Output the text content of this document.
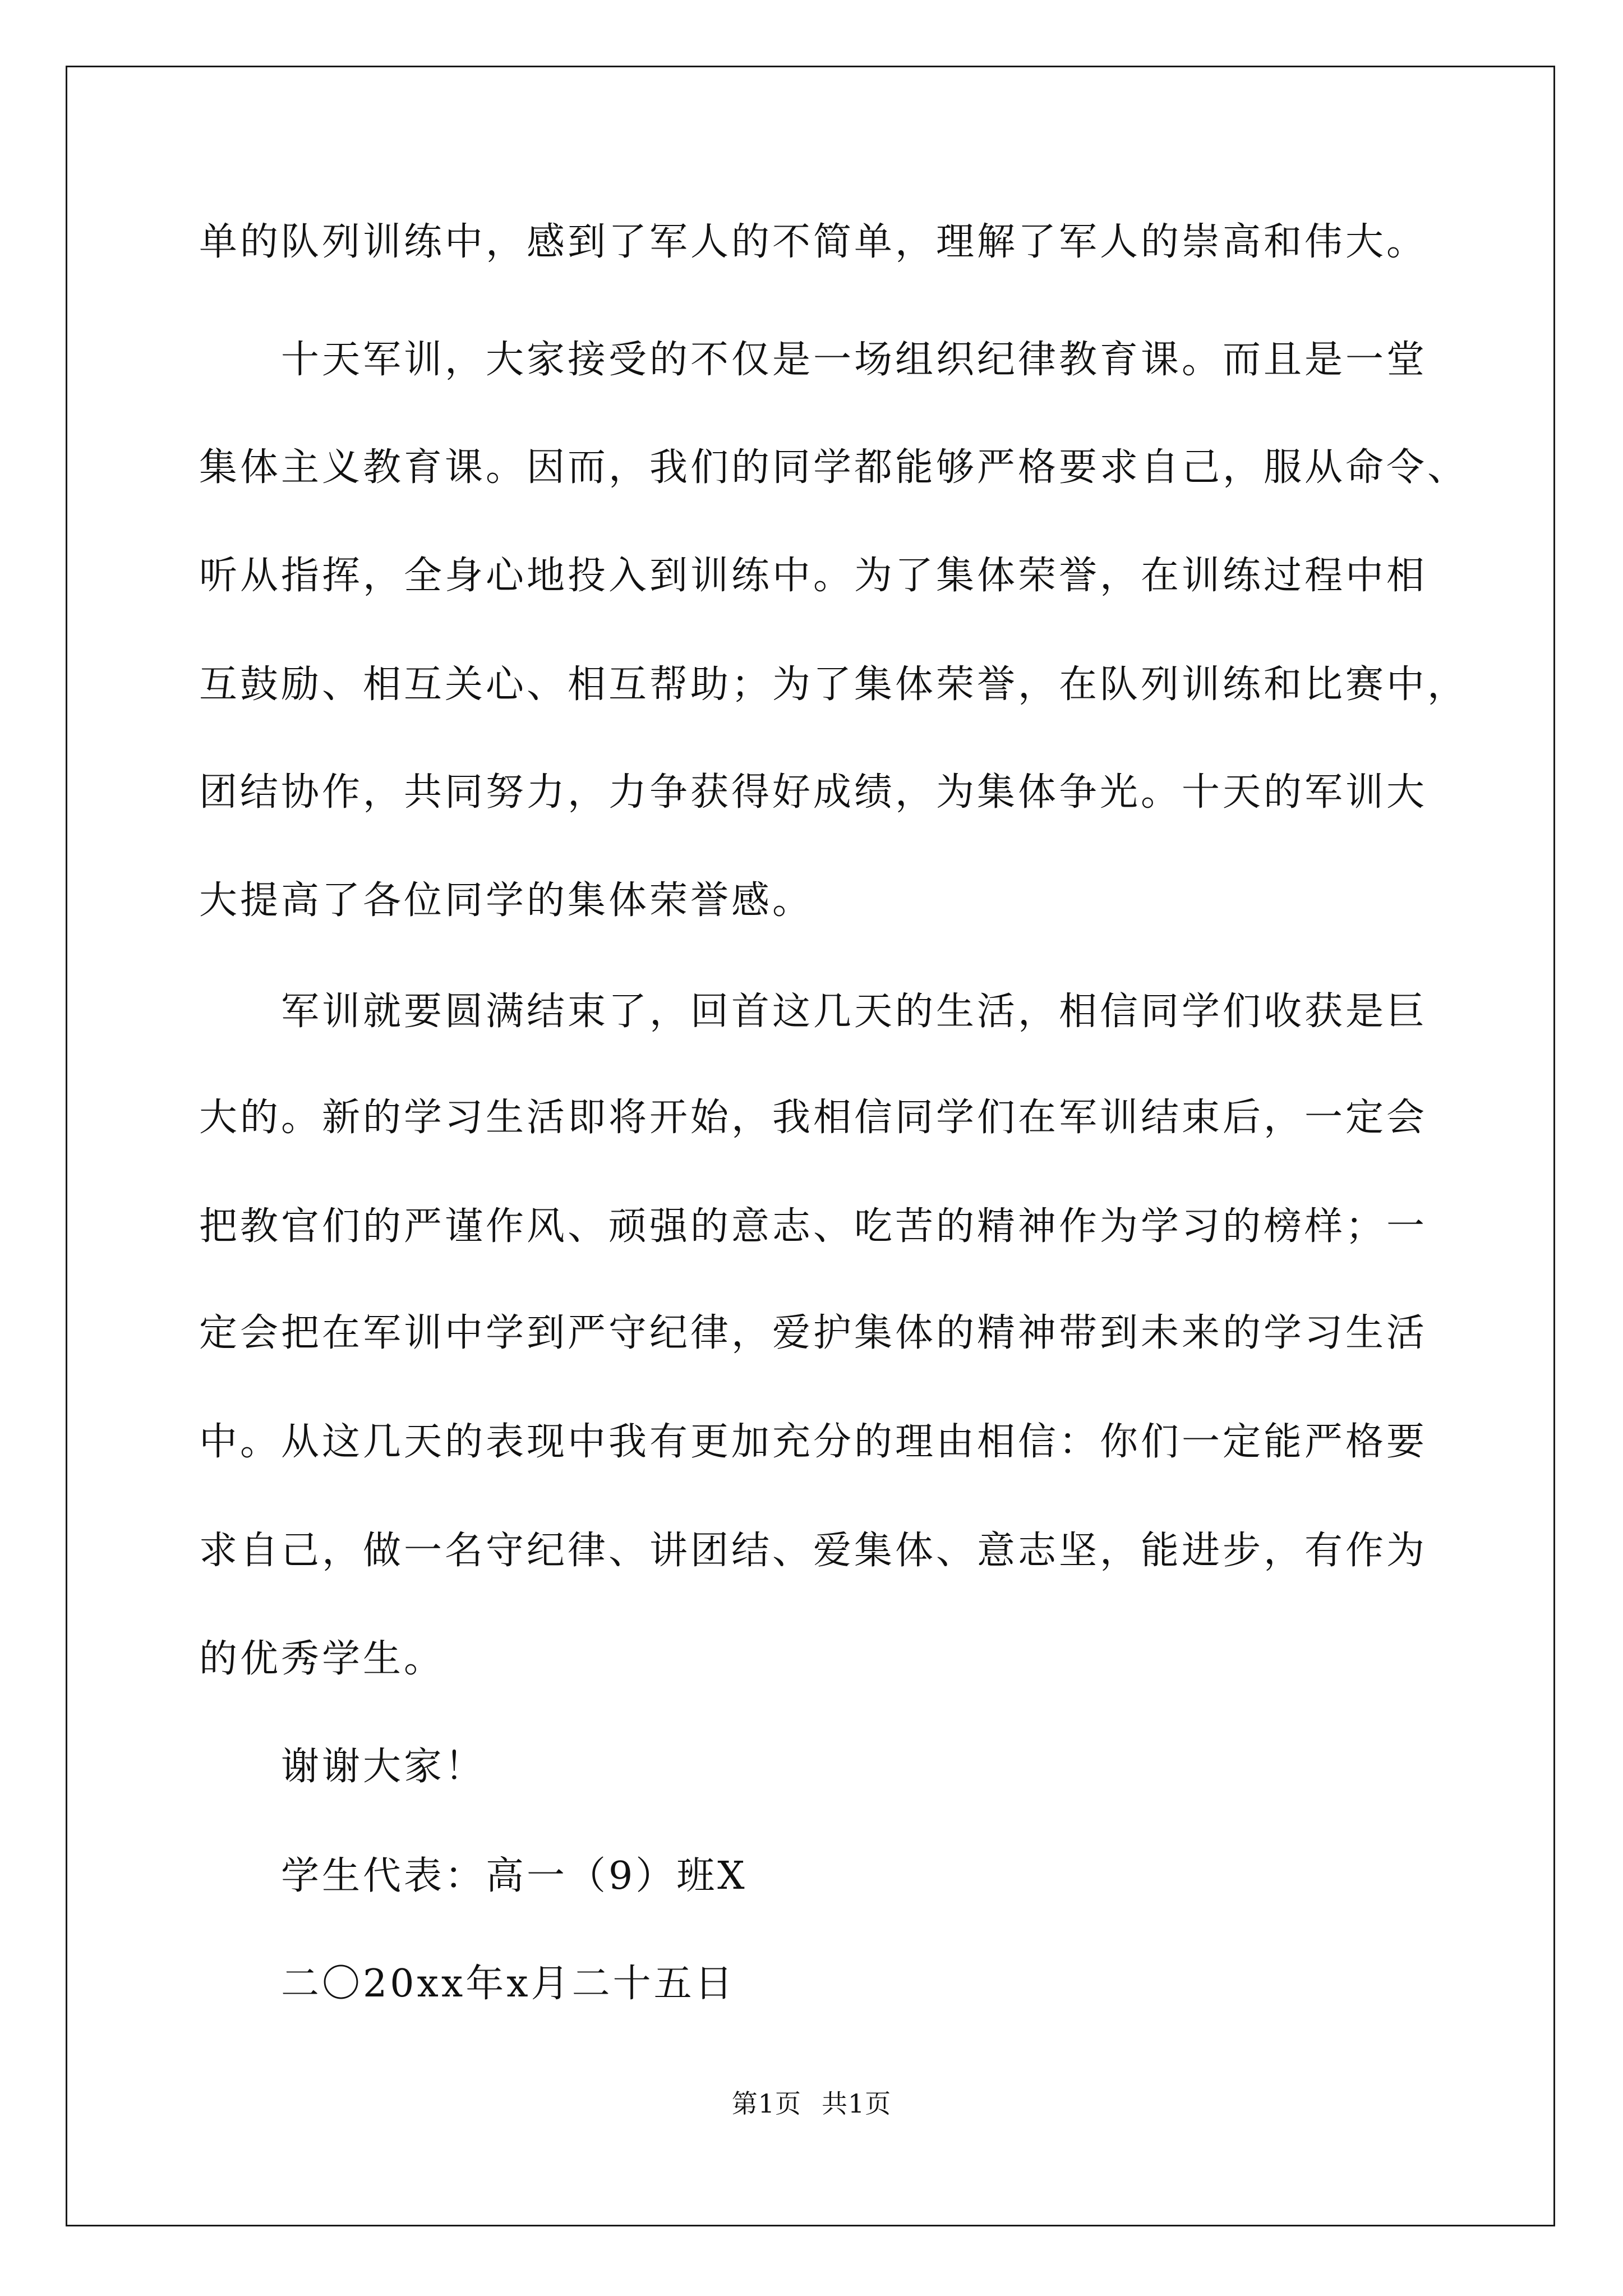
单的队列训练中，感到了军人的不简单，理解了军人的崇高和伟大。
十天军训，大家接受的不仅是一场组织纪律教育课。而且是一堂
集体主义教育课。因而，我们的同学都能够严格要求自己，服从命令、
听从指挥，全身心地投入到训练中。为了集体荣誉，在训练过程中相
互鼓励、相互关心、相互帮助；为了集体荣誉，在队列训练和比赛中，
团结协作，共同努力，力争获得好成绩，为集体争光。十天的军训大
大提高了各位同学的集体荣誉感。
军训就要圆满结束了，回首这几天的生活，相信同学们收获是巨
大的。新的学习生活即将开始，我相信同学们在军训结束后，一定会
把教官们的严谨作风、顽强的意志、吃苦的精神作为学习的榜样；一
定会把在军训中学到严守纪律，爱护集体的精神带到未来的学习生活
中。从这几天的表现中我有更加充分的理由相信：你们一定能严格要
求自己，做一名守纪律、讲团结、爱集体、意志坚，能进步，有作为
的优秀学生。
谢谢大家！
学生代表：高一（9）班X
二〇20xx年x月二十五日
第1页 共1页
